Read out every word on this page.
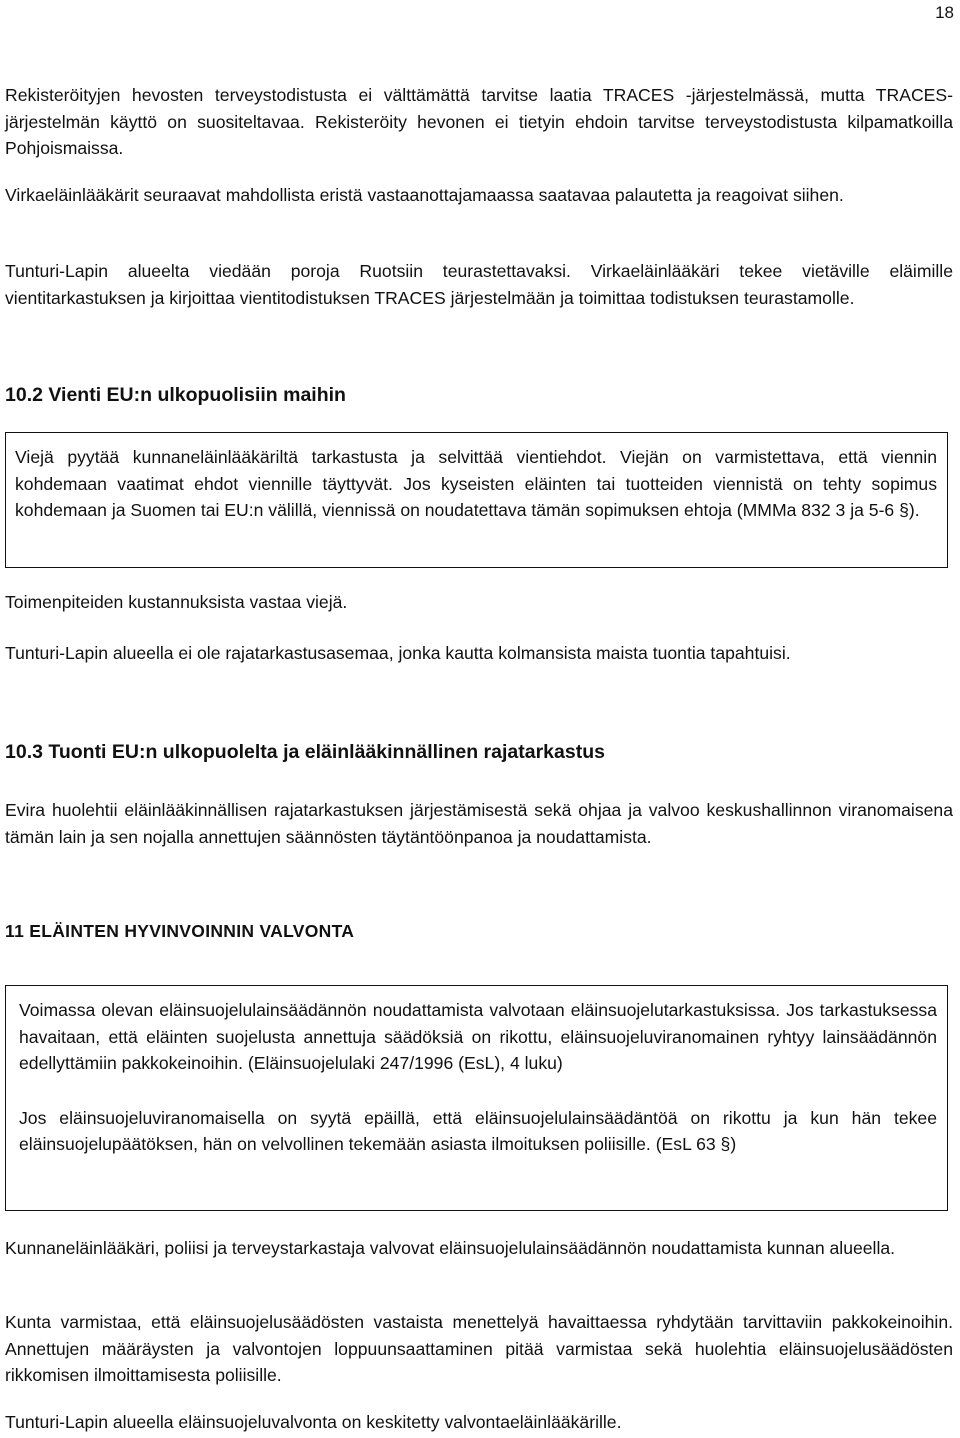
18

Rekisteröityjen hevosten terveystodistusta ei välttämättä tarvitse laatia TRACES -järjestelmässä, mutta TRACES-järjestelmän käyttö on suositeltavaa. Rekisteröity hevonen ei tietyin ehdoin tarvitse terveystodistusta kilpamatkoilla Pohjoismaissa.

Virkaeläinlääkärit seuraavat mahdollista eristä vastaanottajamaassa saatavaa palautetta ja reagoivat siihen.

Tunturi-Lapin alueelta viedään poroja Ruotsiin teurastettavaksi. Virkaeläinlääkäri tekee vietäville eläimille vientitarkastuksen ja kirjoittaa vientitodistuksen TRACES järjestelmään ja toimittaa todistuksen teurastamolle.

10.2 Vienti EU:n ulkopuolisiin maihin

Viejä pyytää kunnaneläinlääkäriltä tarkastusta ja selvittää vientiehdot. Viejän on varmistettava, että viennin kohdemaan vaatimat ehdot viennille täyttyvät. Jos kyseisten eläinten tai tuotteiden viennistä on tehty sopimus kohdemaan ja Suomen tai EU:n välillä, viennissä on noudatettava tämän sopimuksen ehtoja (MMMa 832 3 ja 5-6 §).

Toimenpiteiden kustannuksista vastaa viejä.

Tunturi-Lapin alueella ei ole rajatarkastusasemaa, jonka kautta kolmansista maista tuontia tapahtuisi.

10.3 Tuonti EU:n ulkopuolelta ja eläinlääkinnällinen rajatarkastus

Evira huolehtii eläinlääkinnällisen rajatarkastuksen järjestämisestä sekä ohjaa ja valvoo keskushallinnon viranomaisena tämän lain ja sen nojalla annettujen säännösten täytäntöönpanoa ja noudattamista.

11 ELÄINTEN HYVINVOINNIN VALVONTA

Voimassa olevan eläinsuojelulainsäädännön noudattamista valvotaan eläinsuojelutarkastuksissa. Jos tarkastuksessa havaitaan, että eläinten suojelusta annettuja säädöksiä on rikottu, eläinsuojeluviranomainen ryhtyy lainsäädännön edellyttämiin pakkokeinoihin. (Eläinsuojelulaki 247/1996 (EsL), 4 luku)

Jos eläinsuojeluviranomaisella on syytä epäillä, että eläinsuojelulainsäädäntöä on rikottu ja kun hän tekee eläinsuojelupäätöksen, hän on velvollinen tekemään asiasta ilmoituksen poliisille. (EsL 63 §)

Kunnaneläinlääkäri, poliisi ja terveystarkastaja valvovat eläinsuojelulainsäädännön noudattamista kunnan alueella.

Kunta varmistaa, että eläinsuojelusäädösten vastaista menettelyä havaittaessa ryhdytään tarvittaviin pakkokeinoihin. Annettujen määräysten ja valvontojen loppuunsaattaminen pitää varmistaa sekä huolehtia eläinsuojelusäädösten rikkomisen ilmoittamisesta poliisille.

Tunturi-Lapin alueella eläinsuojeluvalvonta on keskitetty valvontaeläinlääkärille.
